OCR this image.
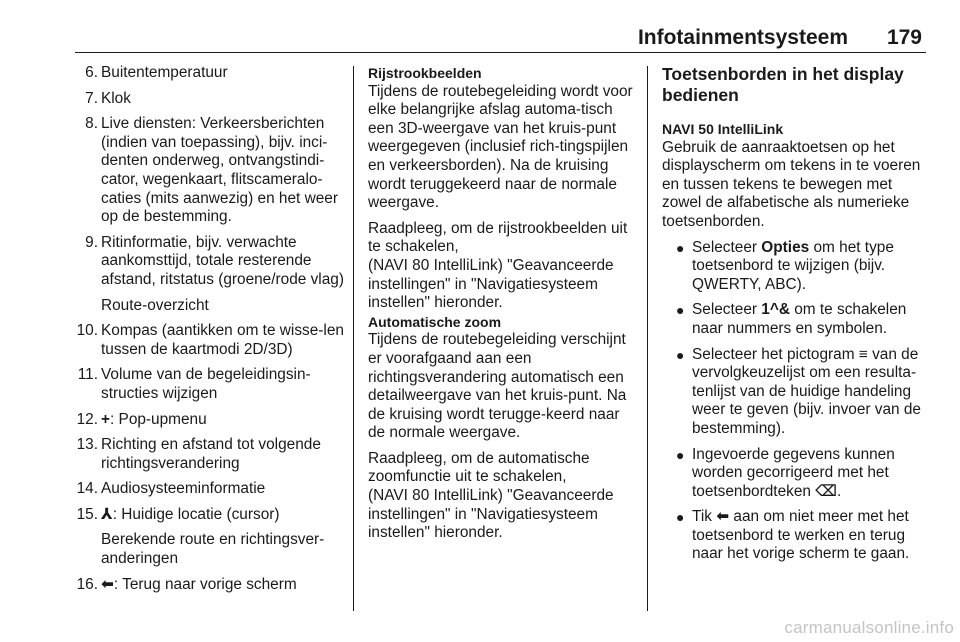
Infotainmentsysteem 179
6. Buitentemperatuur
7. Klok
8. Live diensten: Verkeersberichten (indien van toepassing), bijv. inci-denten onderweg, ontvangstindi-cator, wegenkaart, flitscameralo-caties (mits aanwezig) en het weer op de bestemming.
9. Ritinformatie, bijv. verwachte aankomsttijd, totale resterende afstand, ritstatus (groene/rode vlag)
Route-overzicht
10. Kompas (aantikken om te wisse-len tussen de kaartmodi 2D/3D)
11. Volume van de begeleidingsin-structies wijzigen
12. +: Pop-upmenu
13. Richting en afstand tot volgende richtingsverandering
14. Audiosysteeminformatie
15. ⅄: Huidige locatie (cursor)
Berekende route en richtingsver-anderingen
16. ⬅: Terug naar vorige scherm

Rijstrookbeelden

Tijdens de routebegeleiding wordt voor elke belangrijke afslag automa-tisch een 3D-weergave van het kruis-punt weergegeven (inclusief rich-tingspijlen en verkeersborden). Na de kruising wordt teruggekeerd naar de normale weergave.

Raadpleeg, om de rijstrookbeelden uit te schakelen,

(NAVI 80 IntelliLink) "Geavanceerde instellingen" in "Navigatiesysteem instellen" hieronder.

Automatische zoom

Tijdens de routebegeleiding verschijnt er voorafgaand aan een richtingsverandering automatisch een detailweergave van het kruis-punt. Na de kruising wordt terugge-keerd naar de normale weergave.

Raadpleeg, om de automatische zoomfunctie uit te schakelen,

(NAVI 80 IntelliLink) "Geavanceerde instellingen" in "Navigatiesysteem instellen" hieronder.

Toetsenborden in het display bedienen

NAVI 50 IntelliLink

Gebruik de aanraaktoetsen op het displayscherm om tekens in te voeren en tussen tekens te bewegen met zowel de alfabetische als numerieke toetsenborden.

● Selecteer Opties om het type toetsenbord te wijzigen (bijv. QWERTY, ABC).
● Selecteer 1^& om te schakelen naar nummers en symbolen.
● Selecteer het pictogram ≡ van de vervolgkeuzelijst om een resulta-tenlijst van de huidige handeling weer te geven (bijv. invoer van de bestemming).
● Ingevoerde gegevens kunnen worden gecorrigeerd met het toetsenbordteken ⌫.
● Tik ⬅ aan om niet meer met het toetsenbord te werken en terug naar het vorige scherm te gaan.
carmanualsonline.info
